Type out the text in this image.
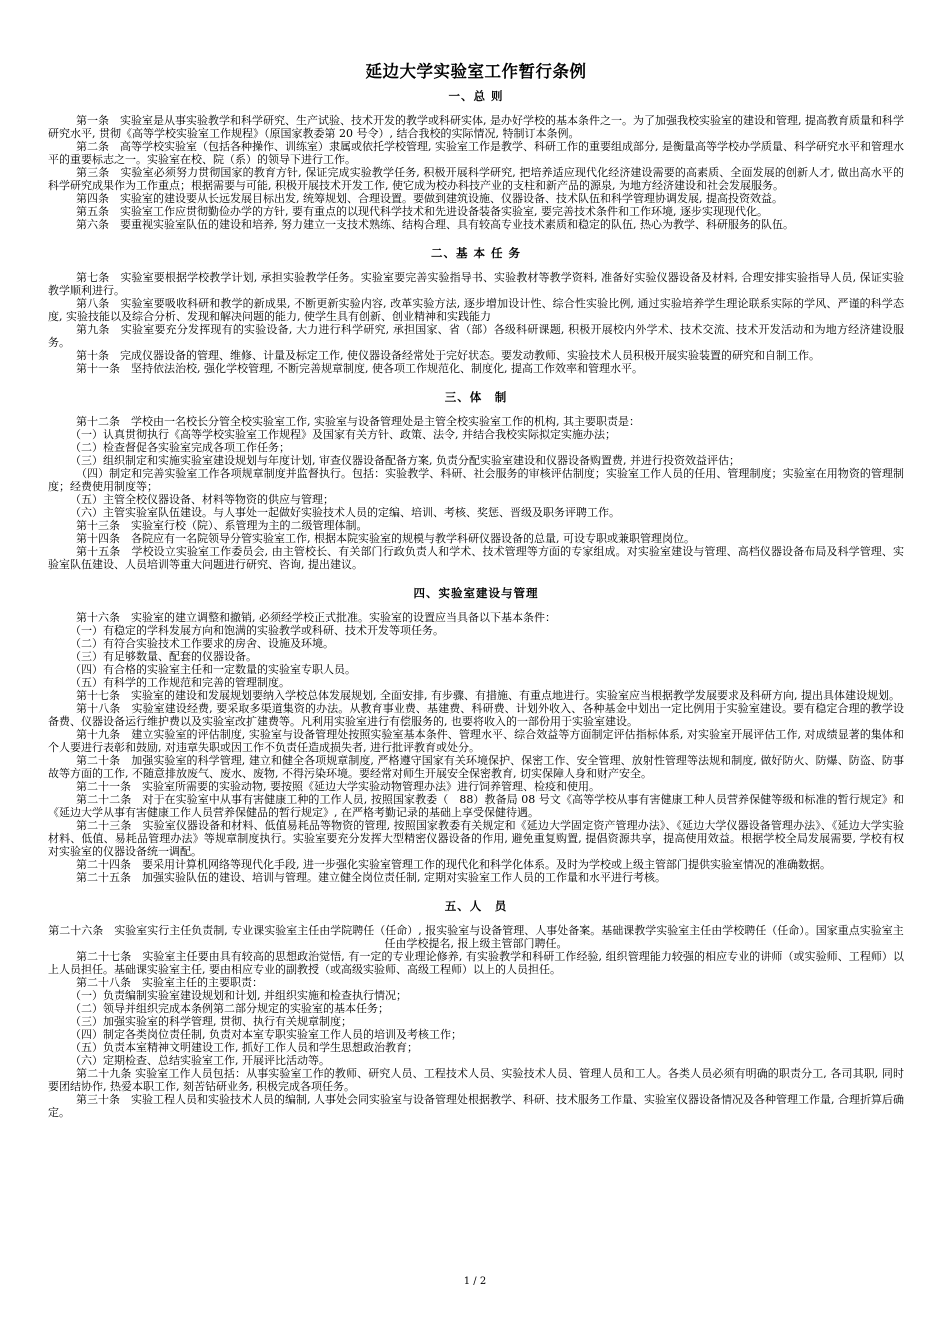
延边大学实验室工作暂行条例
一、总 则

第一条　实验室是从事实验教学和科学研究、生产试验、技术开发的教学或科研实体, 是办好学校的基本条件之一。为了加强我校实验室的建设和管理, 提高教育质量和科学研究水平, 贯彻《高等学校实验室工作规程》（原国家教委第 20 号令）, 结合我校的实际情况, 特制订本条例。

第二条　高等学校实验室（包括各种操作、训练室）隶属或依托学校管理, 实验室工作是教学、科研工作的重要组成部分, 是衡量高等学校办学质量、科学研究水平和管理水平的重要标志之一。实验室在校、院（系）的领导下进行工作。

第三条　实验室必须努力贯彻国家的教育方针, 保证完成实验教学任务, 积极开展科学研究, 把培养适应现代化经济建设需要的高素质、全面发展的创新人才, 做出高水平的科学研究成果作为工作重点；根据需要与可能, 积极开展技术开发工作, 使它成为校办科技产业的支柱和新产品的源泉, 为地方经济建设和社会发展服务。

第四条　实验室的建设要从长远发展目标出发, 统筹规划、合理设置。要做到建筑设施、仪器设备、技术队伍和科学管理协调发展, 提高投资效益。

第五条　实验室工作应贯彻勤俭办学的方针, 要有重点的以现代科学技术和先进设备装备实验室, 要完善技术条件和工作环境, 逐步实现现代化。

第六条　要重视实验室队伍的建设和培养, 努力建立一支技术熟练、结构合理、具有较高专业技术素质和稳定的队伍, 热心为教学、科研服务的队伍。

二、基 本 任 务

第七条　实验室要根据学校教学计划, 承担实验教学任务。实验室要完善实验指导书、实验教材等教学资料, 准备好实验仪器设备及材料, 合理安排实验指导人员, 保证实验教学顺利进行。

第八条　实验室要吸收科研和教学的新成果, 不断更新实验内容, 改革实验方法, 逐步增加设计性、综合性实验比例, 通过实验培养学生理论联系实际的学风、严谨的科学态度, 实验技能以及综合分析、发现和解决问题的能力, 使学生具有创新、创业精神和实践能力

第九条　实验室要充分发挥现有的实验设备, 大力进行科学研究, 承担国家、省（部）各级科研课题, 积极开展校内外学术、技术交流、技术开发活动和为地方经济建设服务。

第十条　完成仪器设备的管理、维修、计量及标定工作, 使仪器设备经常处于完好状态。要发动教师、实验技术人员积极开展实验装置的研究和自制工作。

第十一条　坚持依法治校, 强化学校管理, 不断完善规章制度, 使各项工作规范化、制度化, 提高工作效率和管理水平。

三、体　制

第十二条　学校由一名校长分管全校实验室工作, 实验室与设备管理处是主管全校实验室工作的机构, 其主要职责是：

（一）认真贯彻执行《高等学校实验室工作规程》及国家有关方针、政策、法令, 并结合我校实际拟定实施办法；

（二）检查督促各实验室完成各项工作任务；

（三）组织制定和实施实验室建设规划与年度计划, 审查仪器设备配备方案, 负责分配实验室建设和仪器设备购置费, 并进行投资效益评估；

（四）制定和完善实验室工作各项规章制度并监督执行。包括：实验教学、科研、社会服务的审核评估制度；实验室工作人员的任用、管理制度；实验室在用物资的管理制度；经费使用制度等；

（五）主管全校仪器设备、材料等物资的供应与管理；

（六）主管实验室队伍建设。与人事处一起做好实验技术人员的定编、培训、考核、奖惩、晋级及职务评聘工作。

第十三条　实验室行校（院）、系管理为主的二级管理体制。

第十四条　各院应有一名院领导分管实验室工作, 根据本院实验室的规模与教学科研仪器设备的总量, 可设专职或兼职管理岗位。

第十五条　学校设立实验室工作委员会, 由主管校长、有关部门行政负责人和学术、技术管理等方面的专家组成。对实验室建设与管理、高档仪器设备布局及科学管理、实验室队伍建设、人员培训等重大问题进行研究、咨询, 提出建议。

四、实验室建设与管理

第十六条　实验室的建立调整和撤销, 必须经学校正式批准。实验室的设置应当具备以下基本条件：

（一）有稳定的学科发展方向和饱满的实验教学或科研、技术开发等项任务。

（二）有符合实验技术工作要求的房舍、设施及环境。

（三）有足够数量、配套的仪器设备。

（四）有合格的实验室主任和一定数量的实验室专职人员。

（五）有科学的工作规范和完善的管理制度。

第十七条　实验室的建设和发展规划要纳入学校总体发展规划, 全面安排, 有步骤、有措施、有重点地进行。实验室应当根据教学发展要求及科研方向, 提出具体建设规划。

第十八条　实验室建设经费, 要采取多渠道集资的办法。从教育事业费、基建费、科研费、计划外收入、各种基金中划出一定比例用于实验室建设。要有稳定合理的教学设备费、仪器设备运行维护费以及实验室改扩建费等。凡利用实验室进行有偿服务的, 也要将收入的一部份用于实验室建设。

第十九条　建立实验室的评估制度, 实验室与设备管理处按照实验室基本条件、管理水平、综合效益等方面制定评估指标体系, 对实验室开展评估工作, 对成绩显著的集体和个人要进行表彰和鼓励, 对违章失职或因工作不负责任造成损失者, 进行批评教育或处分。

第二十条　加强实验室的科学管理, 建立和健全各项规章制度, 严格遵守国家有关环境保护、保密工作、安全管理、放射性管理等法规和制度, 做好防火、防爆、防盗、防事故等方面的工作, 不随意排放废气、废水、废物, 不得污染环境。要经常对师生开展安全保密教育, 切实保障人身和财产安全。

第二十一条　实验室所需要的实验动物, 要按照《延边大学实验动物管理办法》进行饲养管理、检疫和使用。

第二十二条　对于在实验室中从事有害健康工种的工作人员, 按照国家教委（　88）教备局 08 号文《高等学校从事有害健康工种人员营养保健等级和标准的暂行规定》和《延边大学从事有害健康工作人员营养保健品的暂行规定》, 在严格考勤记录的基础上享受保健待遇。

第二十三条　实验室仪器设备和材料、低值易耗品等物资的管理, 按照国家教委有关规定和《延边大学固定资产管理办法》、《延边大学仪器设备管理办法》、《延边大学实验材料、低值、易耗品管理办法》等规章制度执行。实验室要充分发挥大型精密仪器设备的作用, 避免重复购置, 提倡资源共享，提高使用效益。根据学校全局发展需要, 学校有权对实验室的仪器设备统一调配。

第二十四条　要采用计算机网络等现代化手段, 进一步强化实验室管理工作的现代化和科学化体系。及时为学校或上级主管部门提供实验室情况的准确数据。

第二十五条　加强实验队伍的建设、培训与管理。建立健全岗位责任制, 定期对实验室工作人员的工作量和水平进行考核。

五、人　员

第二十六条　实验室实行主任负责制, 专业课实验室主任由学院聘任（任命）, 报实验室与设备管理、人事处备案。基础课教学实验室主任由学校聘任（任命）。国家重点实验室主任由学校提名, 报上级主管部门聘任。

第二十七条　实验室主任要由具有较高的思想政治觉悟, 有一定的专业理论修养, 有实验教学和科研工作经验, 组织管理能力较强的相应专业的讲师（或实验师、工程师）以上人员担任。基础课实验室主任, 要由相应专业的副教授（或高级实验师、高级工程师）以上的人员担任。

第二十八条　实验室主任的主要职责：

（一）负责编制实验室建设规划和计划, 并组织实施和检查执行情况；

（二）领导并组织完成本条例第二部分规定的实验室的基本任务；

（三）加强实验室的科学管理, 贯彻、执行有关规章制度；

（四）制定各类岗位责任制, 负责对本室专职实验室工作人员的培训及考核工作；

（五）负责本室精神文明建设工作, 抓好工作人员和学生思想政治教育；

（六）定期检查、总结实验室工作, 开展评比活动等。

第二十九条 实验室工作人员包括：从事实验室工作的教师、研究人员、工程技术人员、实验技术人员、管理人员和工人。各类人员必须有明确的职责分工, 各司其职, 同时要团结协作, 热爱本职工作, 刻苦钻研业务, 积极完成各项任务。

第三十条　实验工程人员和实验技术人员的编制, 人事处会同实验室与设备管理处根据教学、科研、技术服务工作量、实验室仪器设备情况及各种管理工作量, 合理折算后确定。

1 / 2
